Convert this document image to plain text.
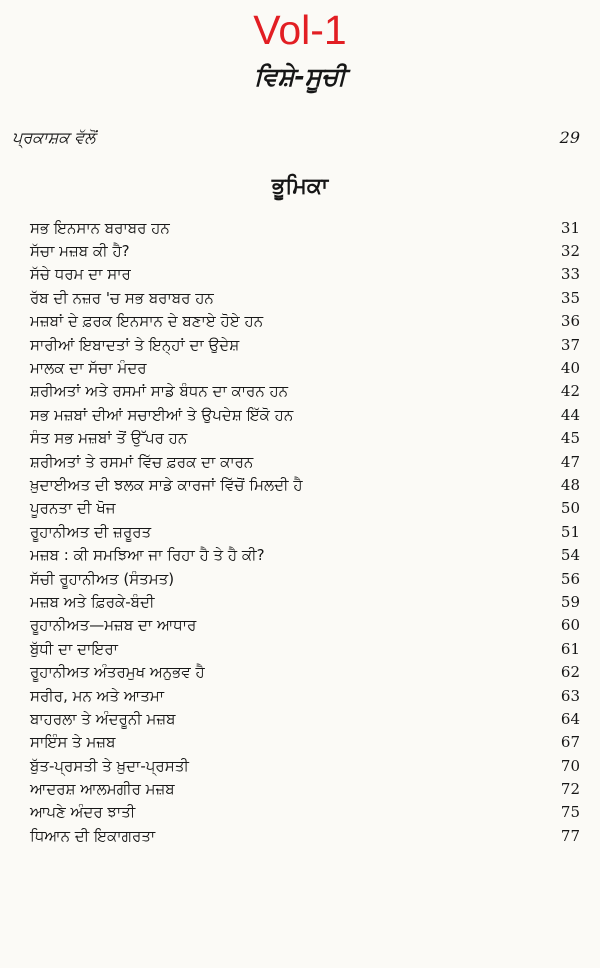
Vol-1
ਵਿਸ਼ੇ-ਸੂਚੀ
ਪ੍ਰਕਾਸ਼ਕ ਵੱਲੋਂ	29
ਭੂਮਿਕਾ
ਸਭ ਇਨਸਾਨ ਬਰਾਬਰ ਹਨ	31
ਸੱਚਾ ਮਜ਼ਬ ਕੀ ਹੈ?	32
ਸੱਚੇ ਧਰਮ ਦਾ ਸਾਰ	33
ਰੱਬ ਦੀ ਨਜ਼ਰ 'ਚ ਸਭ ਬਰਾਬਰ ਹਨ	35
ਮਜ਼ਬਾਂ ਦੇ ਫ਼ਰਕ ਇਨਸਾਨ ਦੇ ਬਣਾਏ ਹੋਏ ਹਨ	36
ਸਾਰੀਆਂ ਇਬਾਦਤਾਂ ਤੇ ਇਨ੍ਹਾਂ ਦਾ ਉਦੇਸ਼	37
ਮਾਲਕ ਦਾ ਸੱਚਾ ਮੰਦਰ	40
ਸ਼ਰੀਅਤਾਂ ਅਤੇ ਰਸਮਾਂ ਸਾਡੇ ਬੰਧਨ ਦਾ ਕਾਰਨ ਹਨ	42
ਸਭ ਮਜ਼ਬਾਂ ਦੀਆਂ ਸਚਾਈਆਂ ਤੇ ਉਪਦੇਸ਼ ਇੱਕੋ ਹਨ	44
ਸੰਤ ਸਭ ਮਜ਼ਬਾਂ ਤੋਂ ਉੱਪਰ ਹਨ	45
ਸ਼ਰੀਅਤਾਂ ਤੇ ਰਸਮਾਂ ਵਿੱਚ ਫ਼ਰਕ ਦਾ ਕਾਰਨ	47
ਖ਼ੁਦਾਈਅਤ ਦੀ ਝਲਕ ਸਾਡੇ ਕਾਰਜਾਂ ਵਿੱਚੋਂ ਮਿਲਦੀ ਹੈ	48
ਪੂਰਨਤਾ ਦੀ ਖੋਜ	50
ਰੂਹਾਨੀਅਤ ਦੀ ਜ਼ਰੂਰਤ	51
ਮਜ਼ਬ : ਕੀ ਸਮਝਿਆ ਜਾ ਰਿਹਾ ਹੈ ਤੇ ਹੈ ਕੀ?	54
ਸੱਚੀ ਰੂਹਾਨੀਅਤ (ਸੰਤਮਤ)	56
ਮਜ਼ਬ ਅਤੇ ਫ਼ਿਰਕੇ-ਬੰਦੀ	59
ਰੂਹਾਨੀਅਤ—ਮਜ਼ਬ ਦਾ ਆਧਾਰ	60
ਬੁੱਧੀ ਦਾ ਦਾਇਰਾ	61
ਰੂਹਾਨੀਅਤ ਅੰਤਰਮੁਖ ਅਨੁਭਵ ਹੈ	62
ਸਰੀਰ, ਮਨ ਅਤੇ ਆਤਮਾ	63
ਬਾਹਰਲਾ ਤੇ ਅੰਦਰੂਨੀ ਮਜ਼ਬ	64
ਸਾਇੰਸ ਤੇ ਮਜ਼ਬ	67
ਬੁੱਤ-ਪ੍ਰਸਤੀ ਤੇ ਖ਼ੁਦਾ-ਪ੍ਰਸਤੀ	70
ਆਦਰਸ਼ ਆਲਮਗੀਰ ਮਜ਼ਬ	72
ਆਪਣੇ ਅੰਦਰ ਝਾਤੀ	75
ਧਿਆਨ ਦੀ ਇਕਾਗਰਤਾ	77
